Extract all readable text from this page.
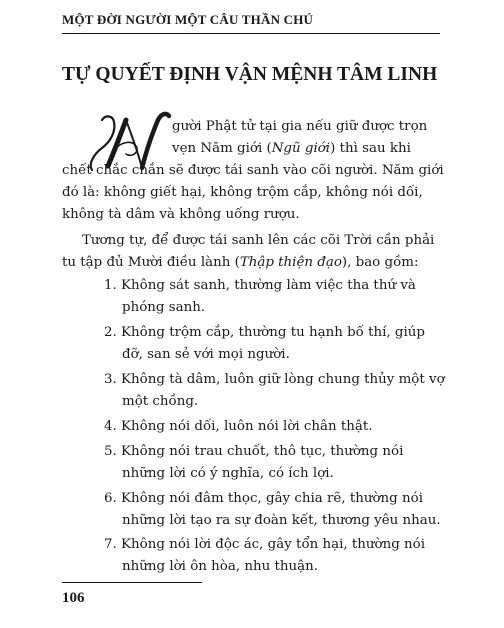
MỘT ĐỜI NGƯỜI MỘT CÂU THẦN CHÚ
TỰ QUYẾT ĐỊNH VẬN MỆNH TÂM LINH
gười Phật tử tại gia nếu giữ được trọn
vẹn Năm giới (Ngũ giới) thì sau khi
chết chắc chắn sẽ được tái sanh vào cõi người. Năm giới
đó là: không giết hại, không trộm cắp, không nói dối,
không tà dâm và không uống rượu.
Tương tự, để được tái sanh lên các cõi Trời cần phải
tu tập đủ Mười điều lành (Thập thiện đạo), bao gồm:
1. Không sát sanh, thường làm việc tha thứ và
phóng sanh.
2. Không trộm cắp, thường tu hạnh bố thí, giúp
đỡ, san sẻ với mọi người.
3. Không tà dâm, luôn giữ lòng chung thủy một vợ
một chồng.
4. Không nói dối, luôn nói lời chân thật.
5. Không nói trau chuốt, thô tục, thường nói
những lời có ý nghĩa, có ích lợi.
6. Không nói đâm thọc, gây chia rẽ, thường nói
những lời tạo ra sự đoàn kết, thương yêu nhau.
7. Không nói lời độc ác, gây tổn hại, thường nói
những lời ôn hòa, nhu thuận.
106
